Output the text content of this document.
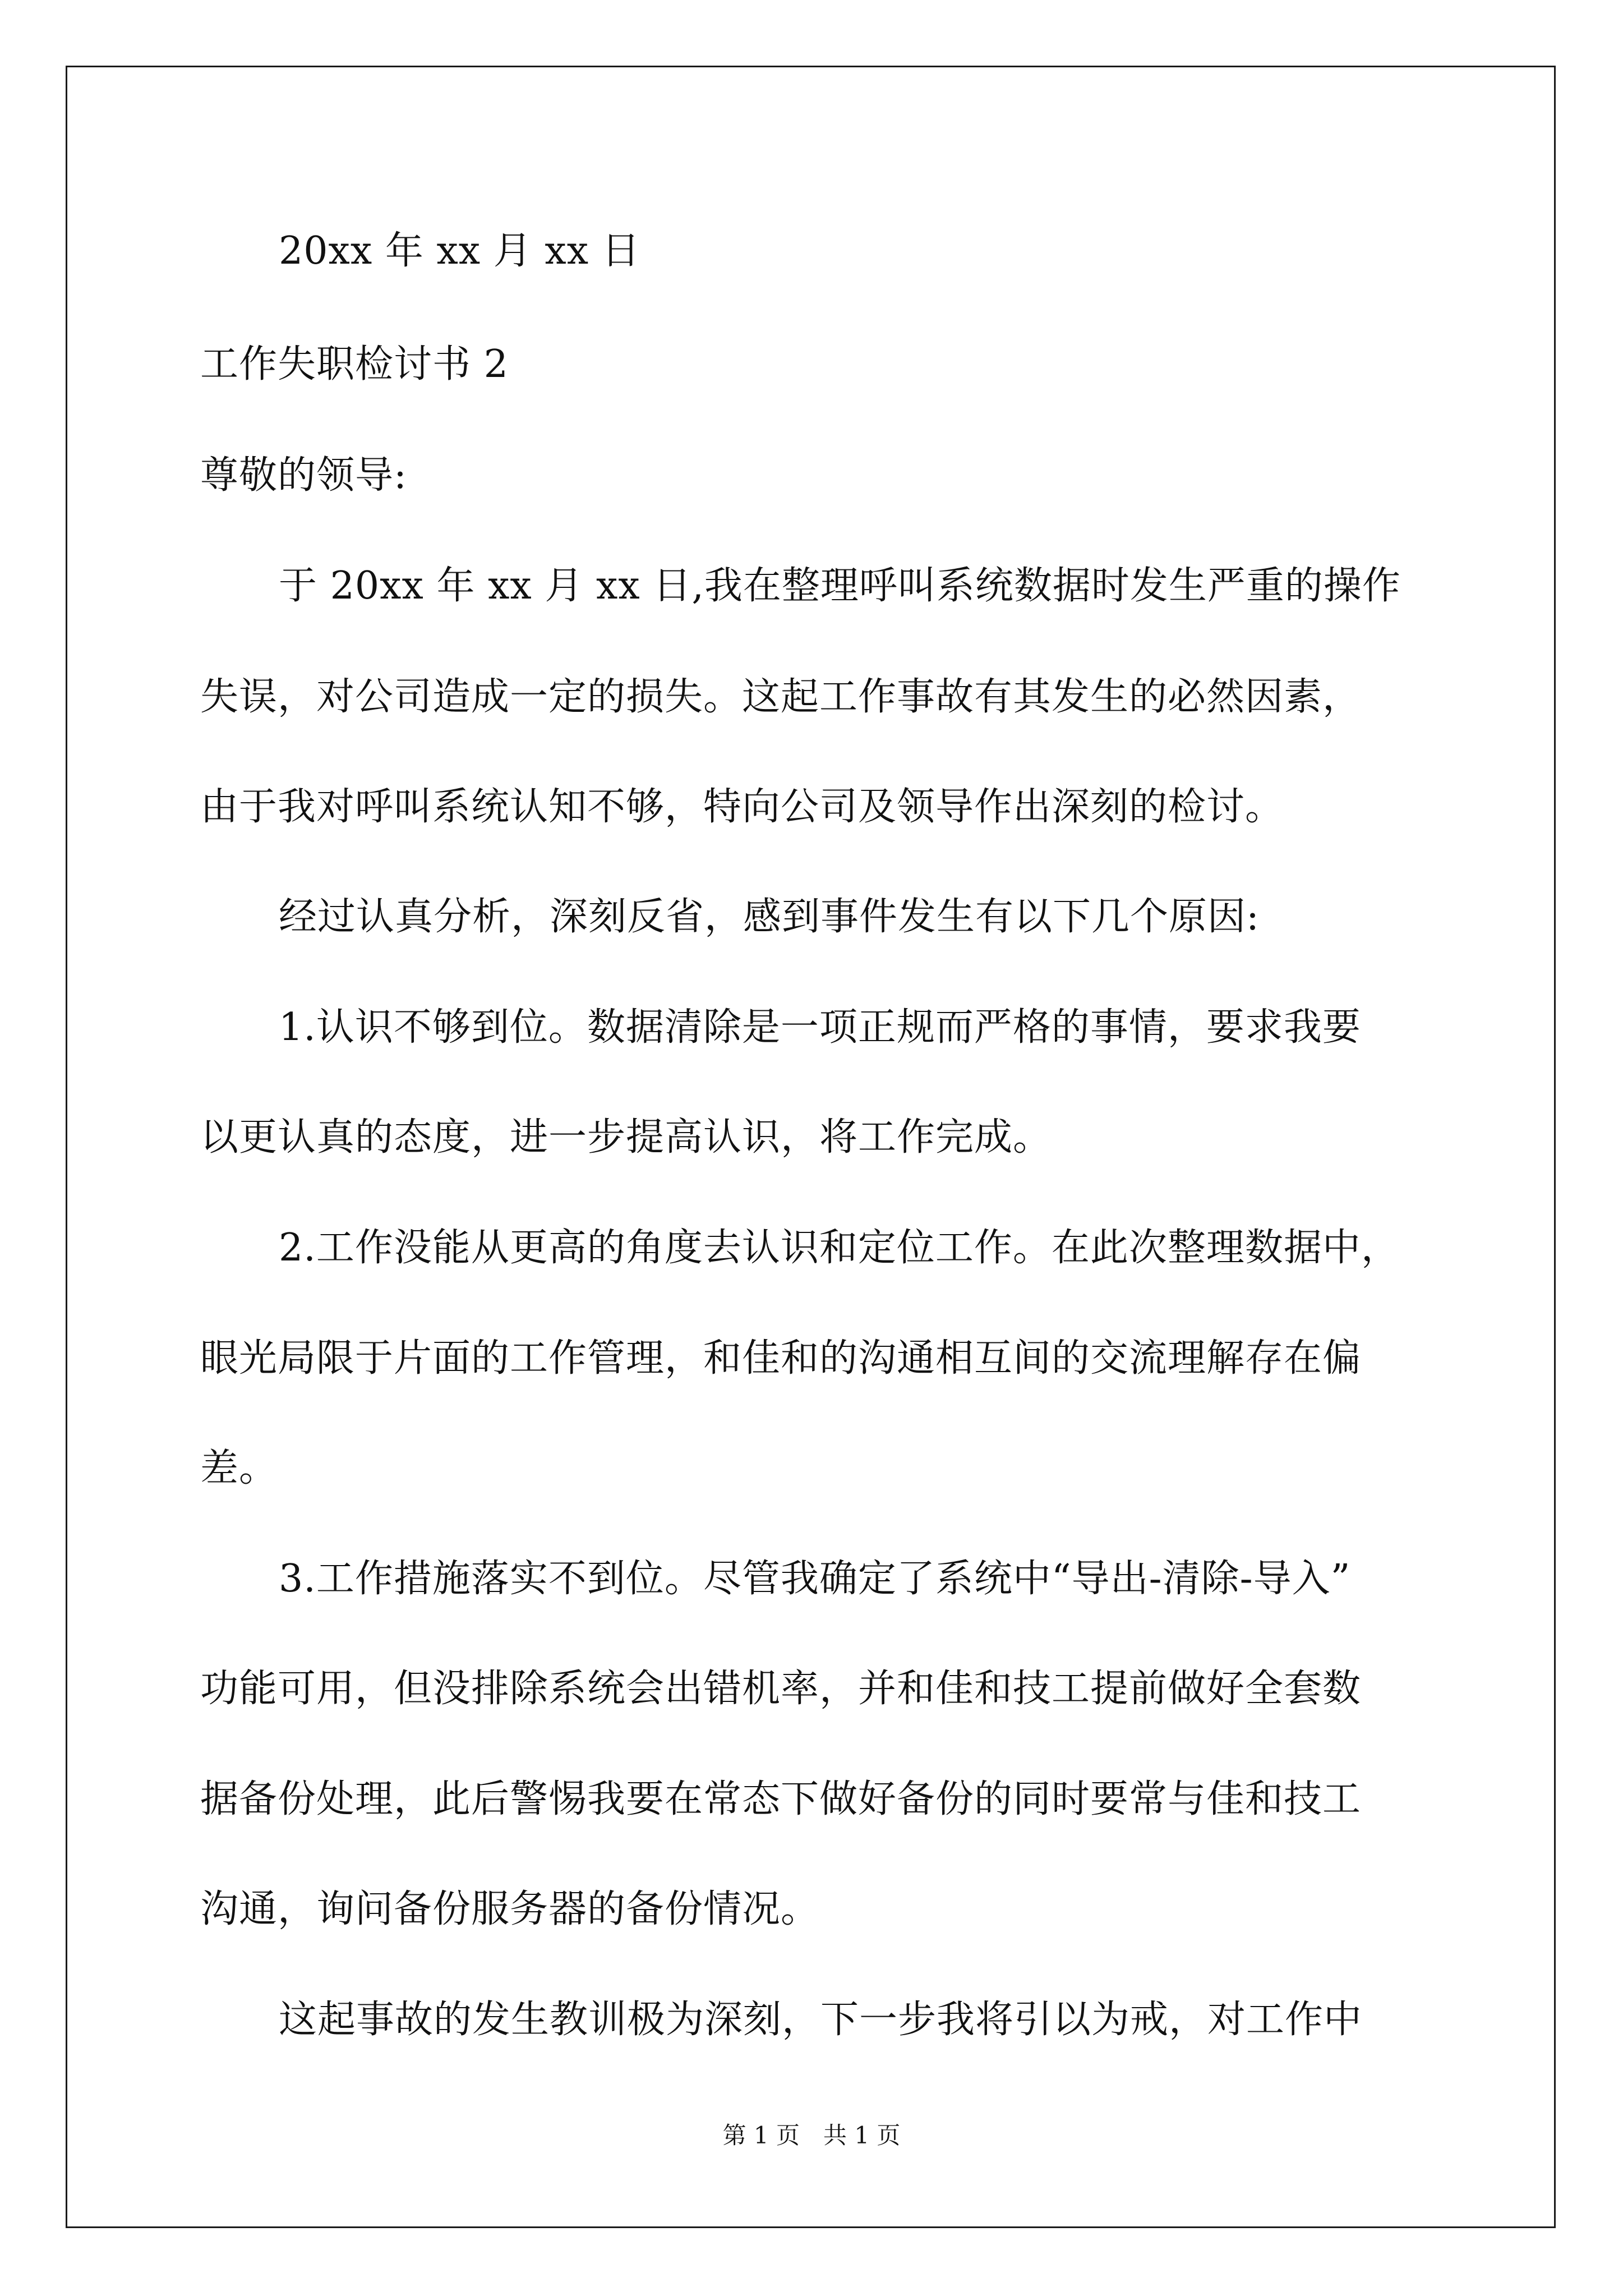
20xx 年 xx 月 xx 日
工作失职检讨书 2
尊敬的领导:
于 20xx 年 xx 月 xx 日,我在整理呼叫系统数据时发生严重的操作
失误，对公司造成一定的损失。这起工作事故有其发生的必然因素，
由于我对呼叫系统认知不够，特向公司及领导作出深刻的检讨。
经过认真分析，深刻反省，感到事件发生有以下几个原因:
1.认识不够到位。数据清除是一项正规而严格的事情，要求我要
以更认真的态度，进一步提高认识，将工作完成。
2.工作没能从更高的角度去认识和定位工作。在此次整理数据中，
眼光局限于片面的工作管理，和佳和的沟通相互间的交流理解存在偏
差。
3.工作措施落实不到位。尽管我确定了系统中“导出-清除-导入”
功能可用，但没排除系统会出错机率，并和佳和技工提前做好全套数
据备份处理，此后警惕我要在常态下做好备份的同时要常与佳和技工
沟通，询问备份服务器的备份情况。
这起事故的发生教训极为深刻，下一步我将引以为戒，对工作中
第 1 页　共 1 页
